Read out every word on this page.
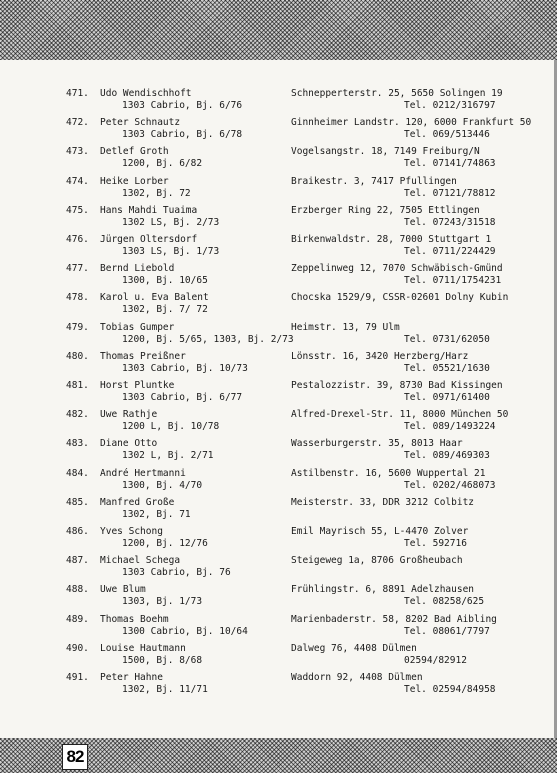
471. Udo Wendischhoft
1303 Cabrio, Bj. 6/76
Schnepperterstr. 25, 5650 Solingen 19
Tel. 0212/316797
472. Peter Schnautz
1303 Cabrio, Bj. 6/78
Ginnheimer Landstr. 120, 6000 Frankfurt 50
Tel. 069/513446
473. Detlef Groth
1200, Bj. 6/82
Vogelsangstr. 18, 7149 Freiburg/N
Tel. 07141/74863
474. Heike Lorber
1302, Bj. 72
Braikestr. 3, 7417 Pfullingen
Tel. 07121/78812
475. Hans Mahdi Tuaima
1302 LS, Bj. 2/73
Erzberger Ring 22, 7505 Ettlingen
Tel. 07243/31518
476. Jürgen Oltersdorf
1303 LS, Bj. 1/73
Birkenwaldstr. 28, 7000 Stuttgart 1
Tel. 0711/224429
477. Bernd Liebold
1300, Bj. 10/65
Zeppelinweg 12, 7070 Schwäbisch-Gmünd
Tel. 0711/1754231
478. Karol u. Eva Balent
1302, Bj. 7/ 72
Chocska 1529/9, CSSR-02601 Dolny Kubin
479. Tobias Gumper
1200, Bj. 5/65, 1303, Bj. 2/73
Heimstr. 13, 79 Ulm
Tel. 0731/62050
480. Thomas Preißner
1303 Cabrio, Bj. 10/73
Lönsstr. 16, 3420 Herzberg/Harz
Tel. 05521/1630
481. Horst Pluntke
1303 Cabrio, Bj. 6/77
Pestalozzistr. 39, 8730 Bad Kissingen
Tel. 0971/61400
482. Uwe Rathje
1200 L, Bj. 10/78
Alfred-Drexel-Str. 11, 8000 München 50
Tel. 089/1493224
483. Diane Otto
1302 L, Bj. 2/71
Wasserburgerstr. 35, 8013 Haar
Tel. 089/469303
484. André Hertmanni
1300, Bj. 4/70
Astilbenstr. 16, 5600 Wuppertal 21
Tel. 0202/468073
485. Manfred Große
1302, Bj. 71
Meisterstr. 33, DDR 3212 Colbitz
486. Yves Schong
1200, Bj. 12/76
Emil Mayrisch 55, L-4470 Zolver
Tel. 592716
487. Michael Schega
1303 Cabrio, Bj. 76
Steigeweg 1a, 8706 Großheubach
488. Uwe Blum
1303, Bj. 1/73
Frühlingstr. 6, 8891 Adelzhausen
Tel. 08258/625
489. Thomas Boehm
1300 Cabrio, Bj. 10/64
Marienbaderstr. 58, 8202 Bad Aibling
Tel. 08061/7797
490. Louise Hautmann
1500, Bj. 8/68
Dalweg 76, 4408 Dülmen
02594/82912
491. Peter Hahne
1302, Bj. 11/71
Waddorn 92, 4408 Dülmen
Tel. 02594/84958
82
